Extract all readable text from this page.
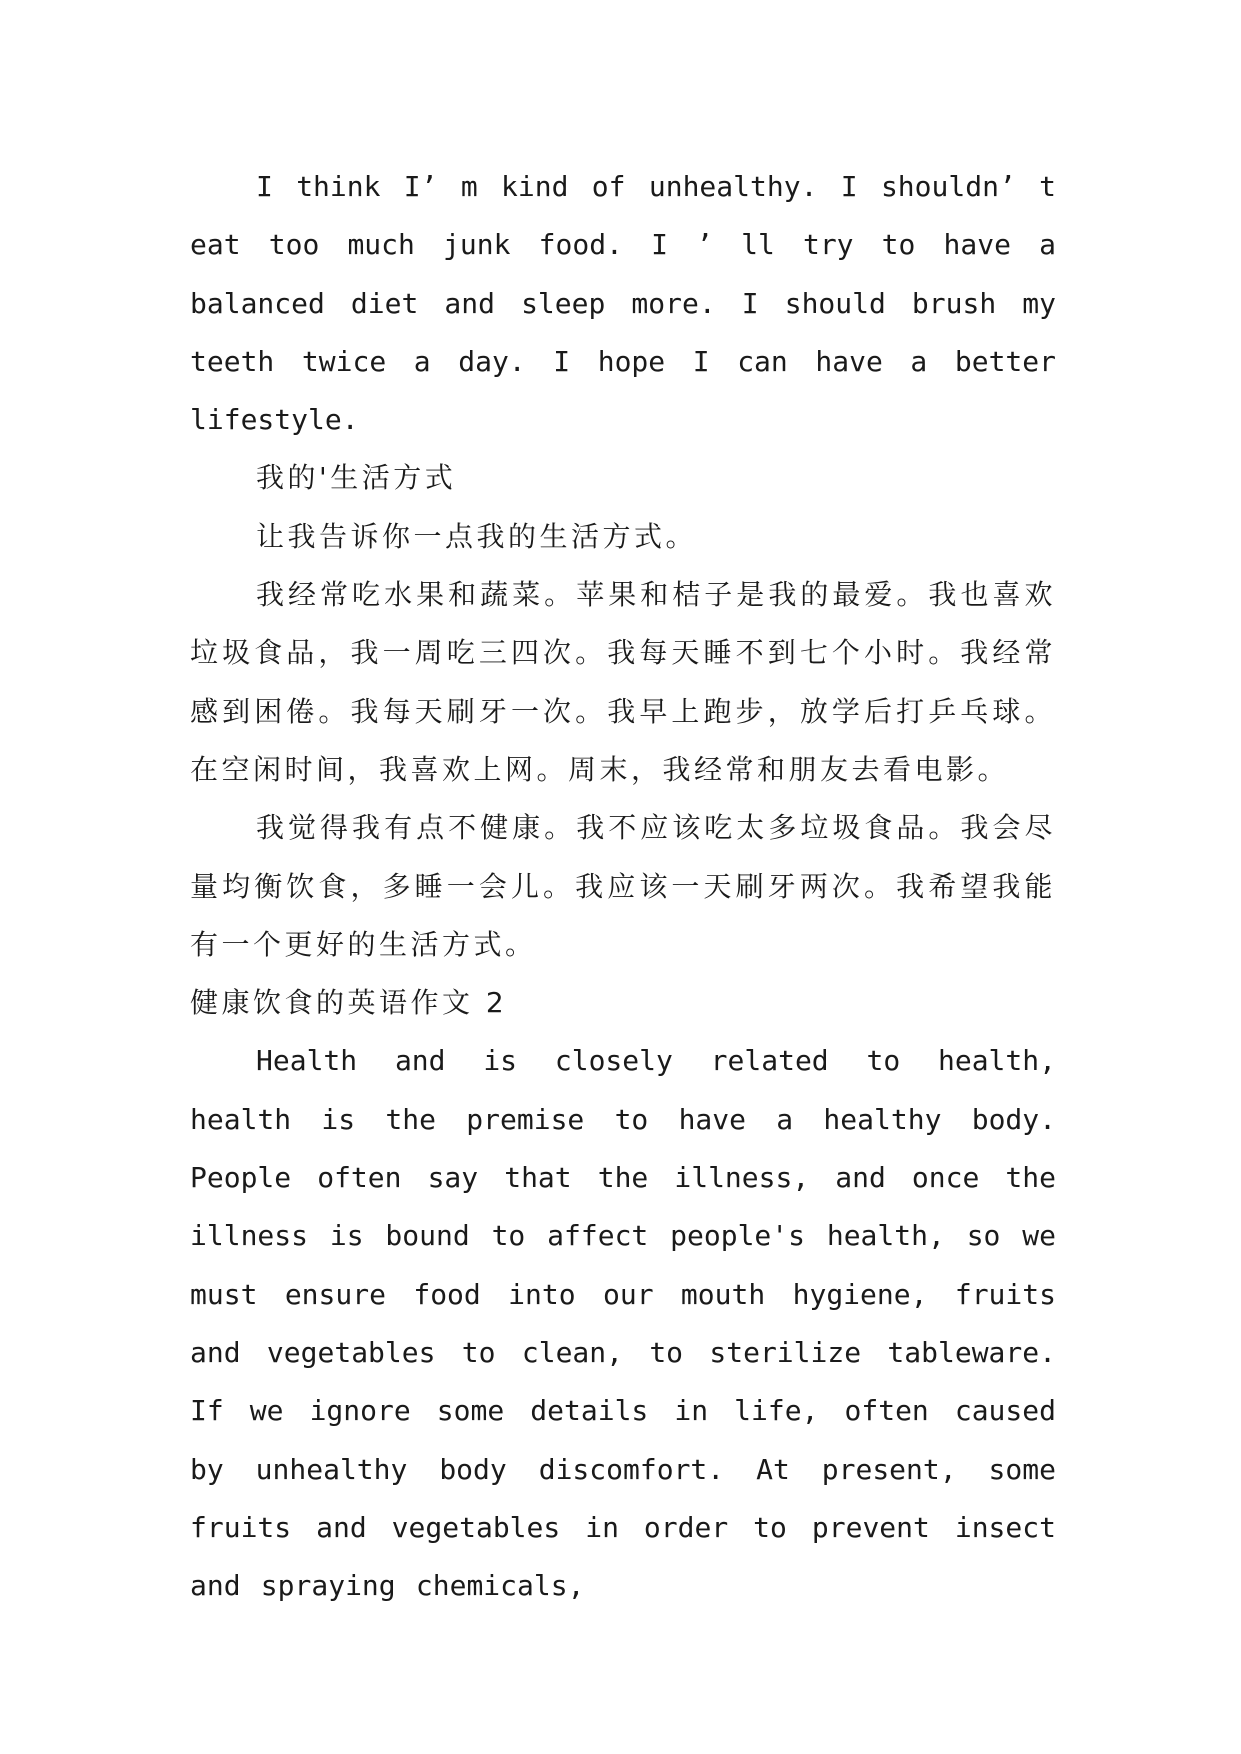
I think I’ m kind of unhealthy. I shouldn’ t eat too much junk food. I ’ ll try to have a balanced diet and sleep more. I should brush my teeth twice a day. I hope I can have a better lifestyle.

我的'生活方式

让我告诉你一点我的生活方式。

我经常吃水果和蔬菜。苹果和桔子是我的最爱。我也喜欢垃圾食品，我一周吃三四次。我每天睡不到七个小时。我经常感到困倦。我每天刷牙一次。我早上跑步，放学后打乒乓球。在空闲时间，我喜欢上网。周末，我经常和朋友去看电影。

我觉得我有点不健康。我不应该吃太多垃圾食品。我会尽量均衡饮食，多睡一会儿。我应该一天刷牙两次。我希望我能有一个更好的生活方式。

健康饮食的英语作文 2

Health and is closely related to health, health is the premise to have a healthy body. People often say that the illness, and once the illness is bound to affect people's health, so we must ensure food into our mouth hygiene, fruits and vegetables to clean, to sterilize tableware. If we ignore some details in life, often caused by unhealthy body discomfort. At present, some fruits and vegetables in order to prevent insect and spraying chemicals,
